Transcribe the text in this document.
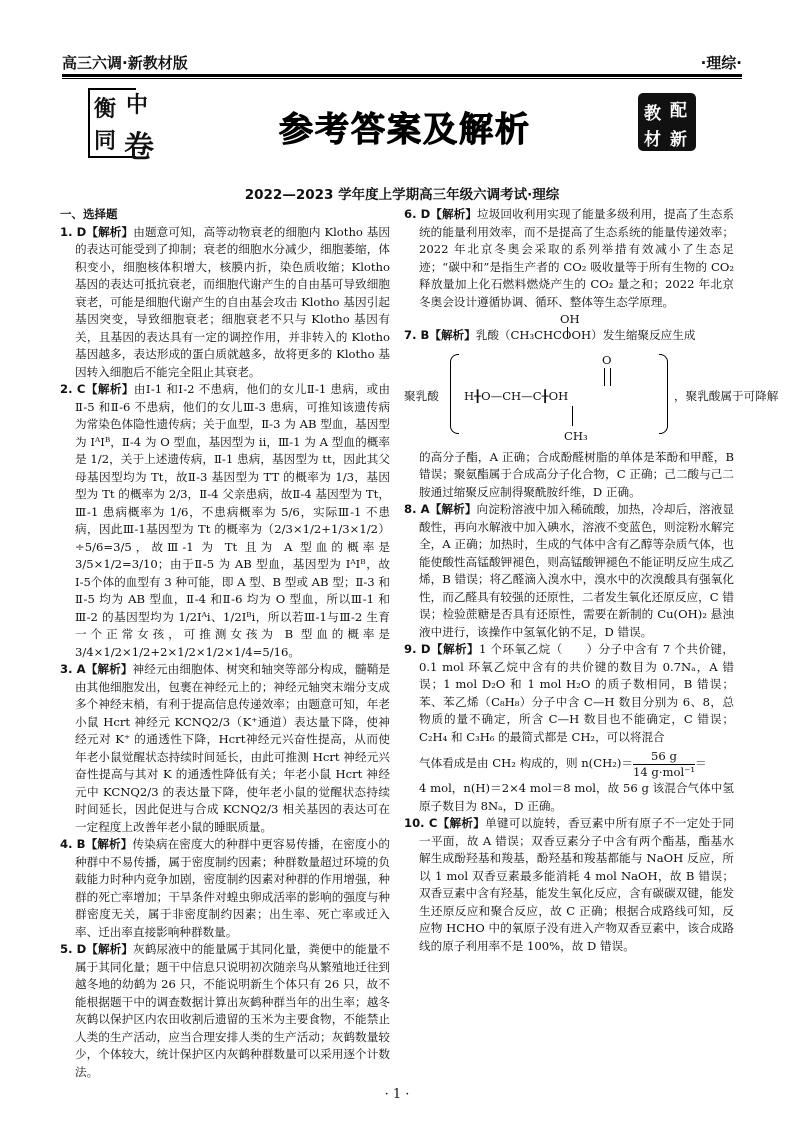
高三六调·新教材版	·理综·
衡 中
同 卷	参考答案及解析	教 配
材 新
2022—2023 学年度上学期高三年级六调考试·理综

一、选择题

1. D【解析】由题意可知，高等动物衰老的细胞内 Klotho 基因的表达可能受到了抑制；衰老的细胞水分减少，细胞萎缩，体积变小，细胞核体积增大，核膜内折，染色质收缩；Klotho 基因的表达可抵抗衰老，而细胞代谢产生的自由基可导致细胞衰老，可能是细胞代谢产生的自由基会攻击 Klotho 基因引起基因突变，导致细胞衰老；细胞衰老不只与 Klotho 基因有关，且基因的表达具有一定的调控作用，并非转入的 Klotho 基因越多，表达形成的蛋白质就越多，故将更多的 Klotho 基因转入细胞后不能完全阻止其衰老。

2. C【解析】由Ⅰ-1 和Ⅰ-2 不患病，他们的女儿Ⅱ-1 患病，或由Ⅱ-5 和Ⅱ-6 不患病，他们的女儿Ⅲ-3 患病，可推知该遗传病为常染色体隐性遗传病；关于血型，Ⅱ-3 为 AB 型血，基因型为 IᴬIᴮ，Ⅱ-4 为 O 型血，基因型为 ii，Ⅲ-1 为 A 型血的概率是 1/2，关于上述遗传病，Ⅱ-1 患病，基因型为 tt，因此其父母基因型均为 Tt，故Ⅱ-3 基因型为 TT 的概率为 1/3，基因型为 Tt 的概率为 2/3，Ⅱ-4 父亲患病，故Ⅱ-4 基因型为 Tt，Ⅲ-1 患病概率为 1/6，不患病概率为 5/6，实际Ⅲ-1 不患病，因此Ⅲ-1基因型为 Tt 的概率为（2/3×1/2+1/3×1/2）÷5/6=3/5，故Ⅲ-1 为 Tt 且为 A 型血的概率是 3/5×1/2=3/10；由于Ⅱ-5 为 AB 型血，基因型为 IᴬIᴮ，故Ⅰ-5个体的血型有 3 种可能，即 A 型、B 型或 AB 型；Ⅱ-3 和Ⅱ-5 均为 AB 型血，Ⅱ-4 和Ⅱ-6 均为 O 型血，所以Ⅲ-1 和Ⅲ-2 的基因型均为 1/2Iᴬi、1/2Iᴮi，所以若Ⅲ-1与Ⅲ-2 生育一个正常女孩，可推测女孩为 B 型血的概率是 3/4×1/2×1/2+2×1/2×1/2×1/4=5/16。

3. A【解析】神经元由细胞体、树突和轴突等部分构成，髓鞘是由其他细胞发出，包裹在神经元上的；神经元轴突末端分支成多个神经末梢，有利于提高信息传递效率；由题意可知，年老小鼠 Hcrt 神经元 KCNQ2/3（K⁺通道）表达量下降，使神经元对 K⁺ 的通透性下降，Hcrt神经元兴奋性提高，从而使年老小鼠觉醒状态持续时间延长，由此可推测 Hcrt 神经元兴奋性提高与其对 K 的通透性降低有关；年老小鼠 Hcrt 神经元中 KCNQ2/3 的表达量下降，使年老小鼠的觉醒状态持续时间延长，因此促进与合成 KCNQ2/3 相关基因的表达可在一定程度上改善年老小鼠的睡眠质量。

4. B【解析】传染病在密度大的种群中更容易传播，在密度小的种群中不易传播，属于密度制约因素；种群数量超过环境的负载能力时种内竞争加剧，密度制约因素对种群的作用增强，种群的死亡率增加；干旱条件对蝗虫卵成活率的影响的强度与种群密度无关，属于非密度制约因素；出生率、死亡率或迁入率、迁出率直接影响种群数量。

5. D【解析】灰鹤尿液中的能量属于其同化量，粪便中的能量不属于其同化量；题干中信息只说明初次随亲鸟从繁殖地迁往到越冬地的幼鹤为 26 只，不能说明新生个体只有 26 只，故不能根据题干中的调查数据计算出灰鹤种群当年的出生率；越冬灰鹤以保护区内农田收割后遗留的玉米为主要食物，不能禁止人类的生产活动，应当合理安排人类的生产活动；灰鹤数量较少，个体较大，统计保护区内灰鹤种群数量可以采用逐个计数法。

6. D【解析】垃圾回收利用实现了能量多级利用，提高了生态系统的能量利用效率，而不是提高了生态系统的能量传递效率；2022 年北京冬奥会采取的系列举措有效减小了生态足迹；“碳中和”是指生产者的 CO₂ 吸收量等于所有生物的 CO₂ 释放量加上化石燃料燃烧产生的 CO₂ 量之和；2022 年北京冬奥会设计遵循协调、循环、整体等生态学原理。

OH

7. B【解析】乳酸（CH₃CHCOOH）发生缩聚反应生成

聚乳酸
O
H╂O—CH—C╂OH
CH₃
，聚乳酸属于可降解

的高分子酯，A 正确；合成酚醛树脂的单体是苯酚和甲醛，B 错误；聚氨酯属于合成高分子化合物，C 正确；己二酸与己二胺通过缩聚反应制得聚酰胺纤维，D 正确。

8. A【解析】向淀粉溶液中加入稀硫酸，加热，冷却后，溶液显酸性，再向水解液中加入碘水，溶液不变蓝色，则淀粉水解完全，A 正确；加热时，生成的气体中含有乙醇等杂质气体，也能使酸性高锰酸钾褪色，则高锰酸钾褪色不能证明反应生成乙烯，B 错误；将乙醛滴入溴水中，溴水中的次溴酸具有强氧化性，而乙醛具有较强的还原性，二者发生氧化还原反应，C 错误；检验蔗糖是否具有还原性，需要在新制的 Cu(OH)₂ 悬浊液中进行，该操作中氢氧化钠不足，D 错误。

9. D【解析】1 个环氧乙烷（　　）分子中含有 7 个共价键，0.1 mol 环氧乙烷中含有的共价键的数目为 0.7Nₐ，A 错误；1 mol D₂O 和 1 mol H₂O 的质子数相同，B 错误；苯、苯乙烯（C₈H₈）分子中含 C—H 数目分别为 6、8，总物质的量不确定，所含 C—H 数目也不能确定，C 错误；C₂H₄ 和 C₃H₆ 的最简式都是 CH₂，可以将混合

气体看成是由 CH₂ 构成的，则 $n(CH_2)= \frac{56 g}{\text{14 g·mol⁻¹}}$ ＝

4 mol，n(H)＝2×4 mol＝8 mol，故 56 g 该混合气体中氢原子数目为 8Nₐ，D 正确。

10. C【解析】单键可以旋转，香豆素中所有原子不一定处于同一平面，故 A 错误；双香豆素分子中含有两个酯基，酯基水解生成酚羟基和羧基，酚羟基和羧基都能与 NaOH 反应，所以 1 mol 双香豆素最多能消耗 4 mol NaOH，故 B 错误；双香豆素中含有羟基，能发生氧化反应，含有碳碳双键，能发生还原反应和聚合反应，故 C 正确；根据合成路线可知，反应物 HCHO 中的氧原子没有进入产物双香豆素中，该合成路线的原子利用率不是 100%，故 D 错误。

· 1 ·
